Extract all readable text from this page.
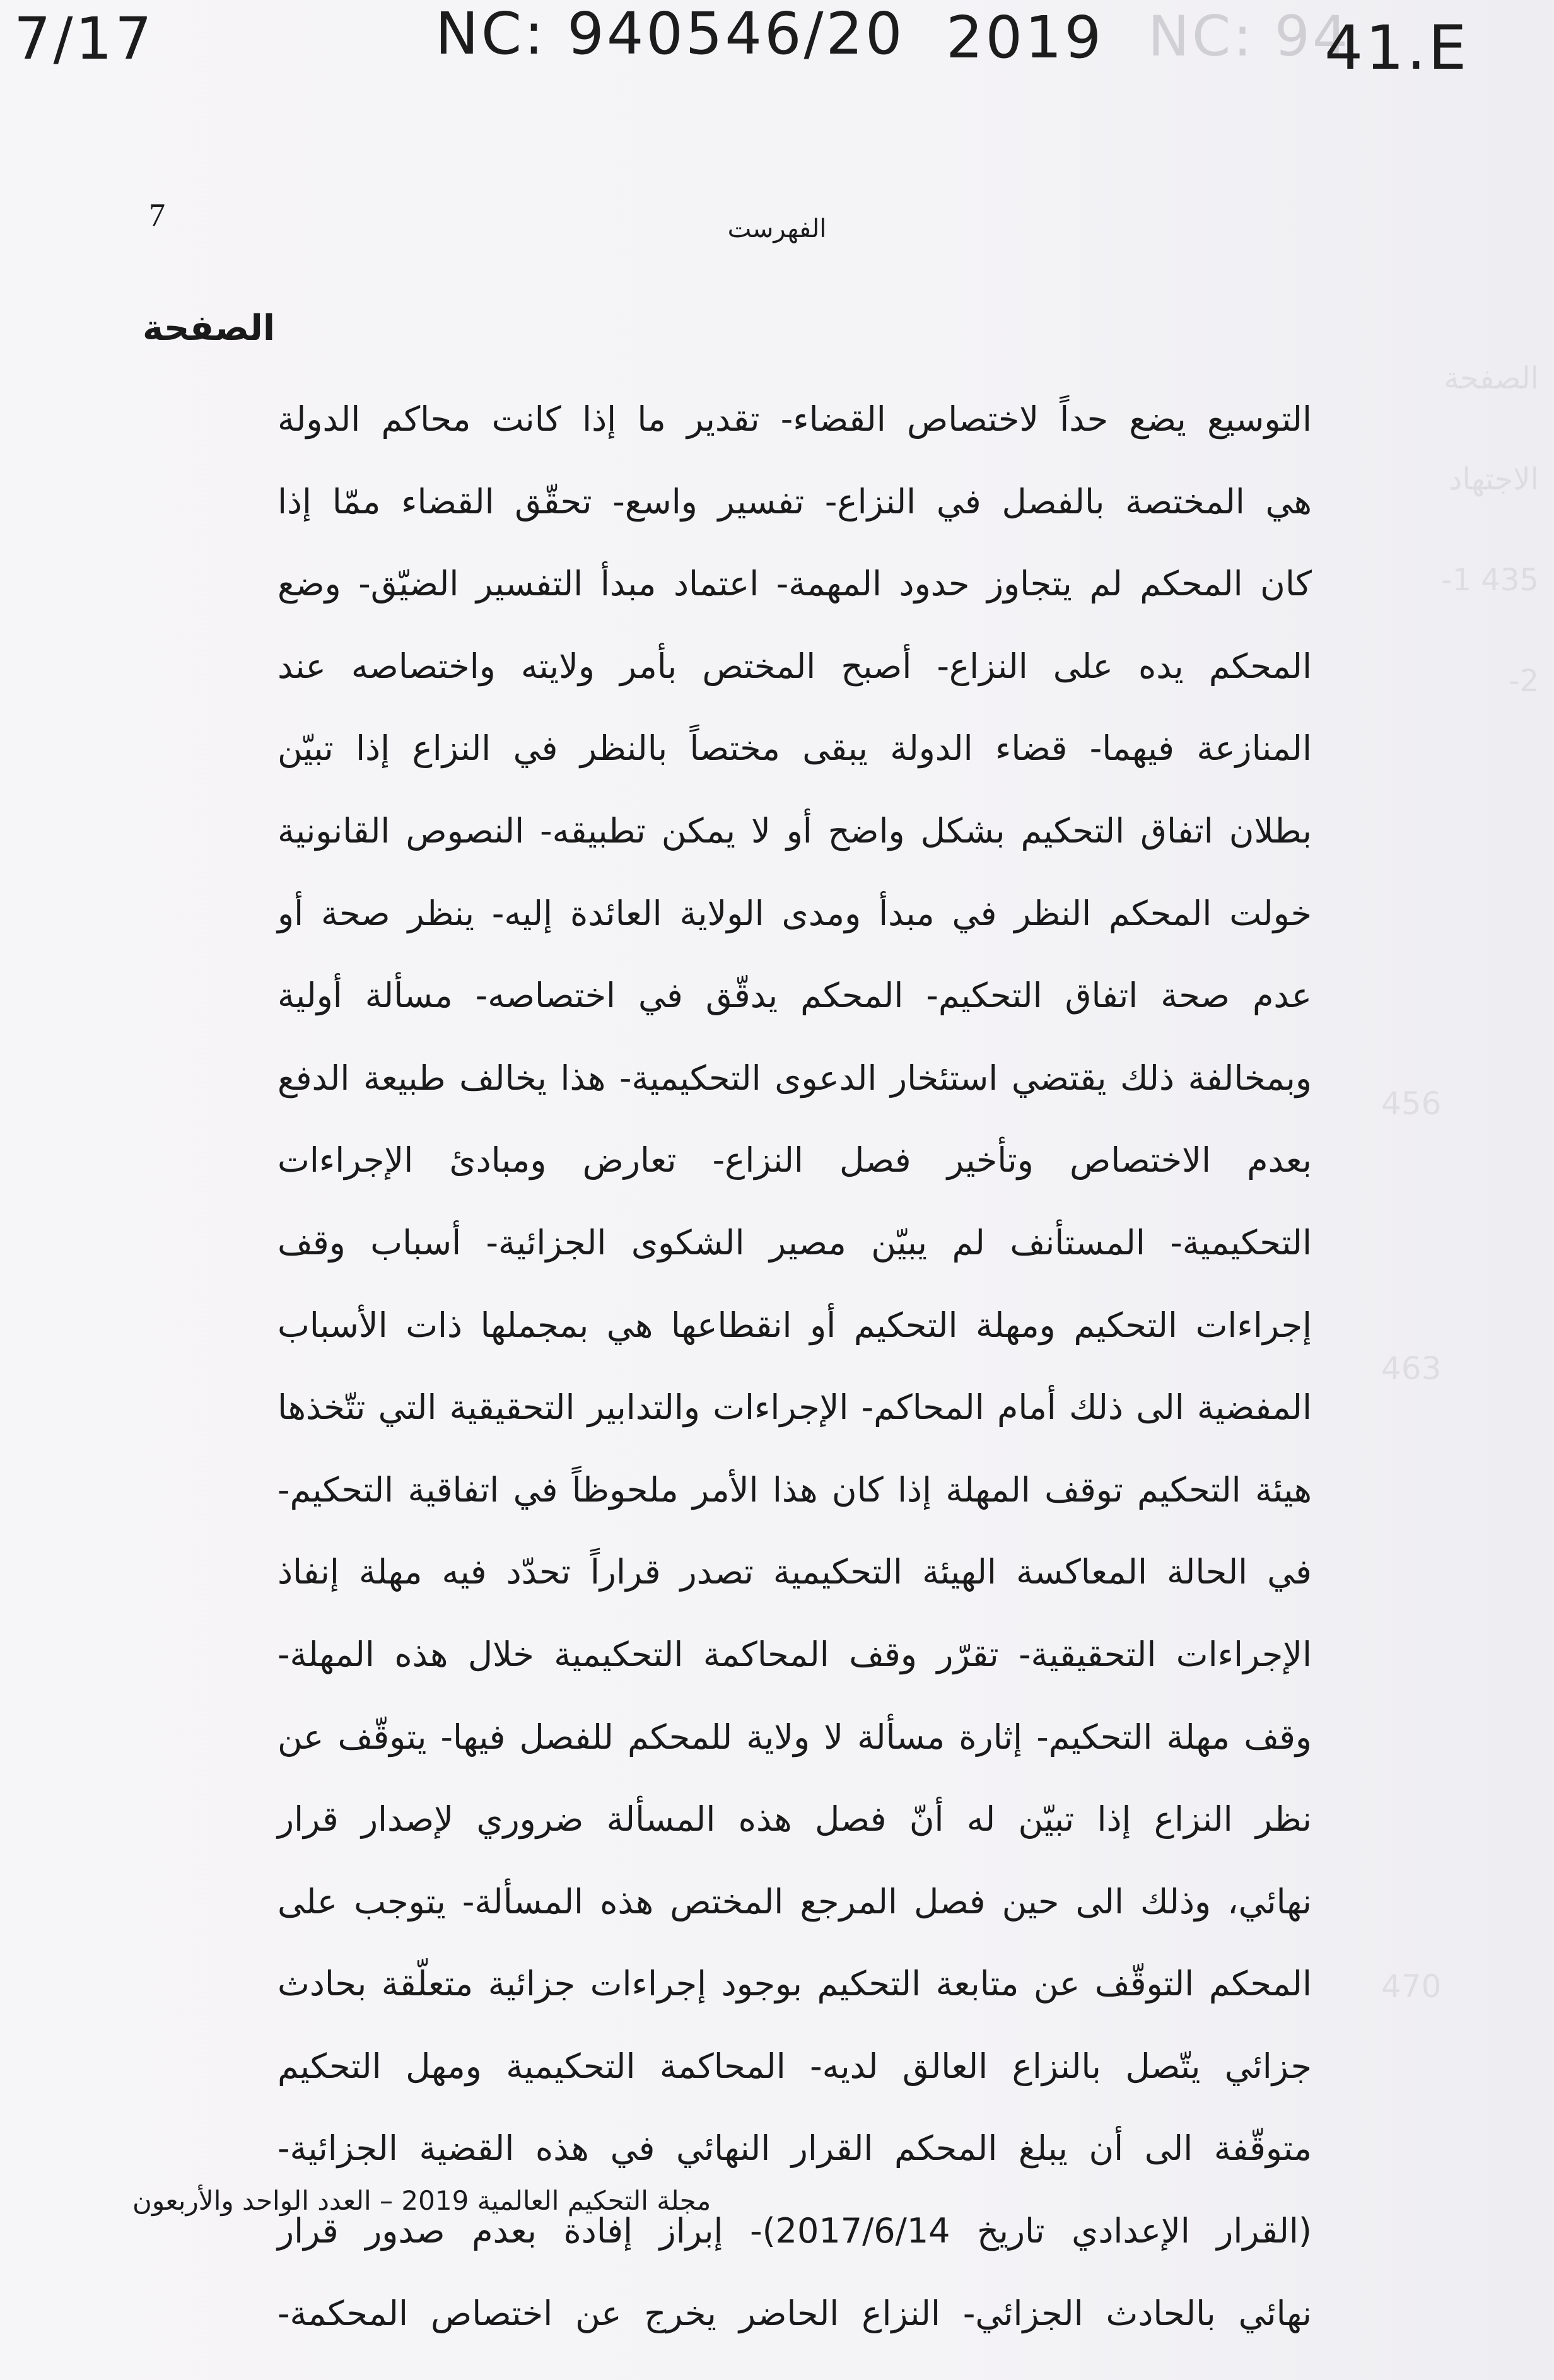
الصفحة
الاجتهاد
435 1-
2-
456

463

470
7/17	NC: 940546/20 2019 NC: 94
41.E
7	الفهرست
الصفحة
التوسيع يضع حداً لاختصاص القضاء- تقدير ما إذا كانت محاكم الدولة
هي المختصة بالفصل في النزاع- تفسير واسع- تحقّق القضاء ممّا إذا
كان المحكم لم يتجاوز حدود المهمة- اعتماد مبدأ التفسير الضيّق- وضع
المحكم يده على النزاع- أصبح المختص بأمر ولايته واختصاصه عند
المنازعة فيهما- قضاء الدولة يبقى مختصاً بالنظر في النزاع إذا تبيّن
بطلان اتفاق التحكيم بشكل واضح أو لا يمكن تطبيقه- النصوص القانونية
خولت المحكم النظر في مبدأ ومدى الولاية العائدة إليه- ينظر صحة أو
عدم صحة اتفاق التحكيم- المحكم يدقّق في اختصاصه- مسألة أولية
وبمخالفة ذلك يقتضي استئخار الدعوى التحكيمية- هذا يخالف طبيعة الدفع
بعدم الاختصاص وتأخير فصل النزاع- تعارض ومبادئ الإجراءات
التحكيمية- المستأنف لم يبيّن مصير الشكوى الجزائية- أسباب وقف
إجراءات التحكيم ومهلة التحكيم أو انقطاعها هي بمجملها ذات الأسباب
المفضية الى ذلك أمام المحاكم- الإجراءات والتدابير التحقيقية التي تتّخذها
هيئة التحكيم توقف المهلة إذا كان هذا الأمر ملحوظاً في اتفاقية التحكيم-
في الحالة المعاكسة الهيئة التحكيمية تصدر قراراً تحدّد فيه مهلة إنفاذ
الإجراءات التحقيقية- تقرّر وقف المحاكمة التحكيمية خلال هذه المهلة-
وقف مهلة التحكيم- إثارة مسألة لا ولاية للمحكم للفصل فيها- يتوقّف عن
نظر النزاع إذا تبيّن له أنّ فصل هذه المسألة ضروري لإصدار قرار
نهائي، وذلك الى حين فصل المرجع المختص هذه المسألة- يتوجب على
المحكم التوقّف عن متابعة التحكيم بوجود إجراءات جزائية متعلّقة بحادث
جزائي يتّصل بالنزاع العالق لديه- المحاكمة التحكيمية ومهل التحكيم
متوقّفة الى أن يبلغ المحكم القرار النهائي في هذه القضية الجزائية-
(القرار الإعدادي تاريخ 2017/6/14)- إبراز إفادة بعدم صدور قرار
نهائي بالحادث الجزائي- النزاع الحاضر يخرج عن اختصاص المحكمة-
مجلة التحكيم العالمية 2019 – العدد الواحد والأربعون
